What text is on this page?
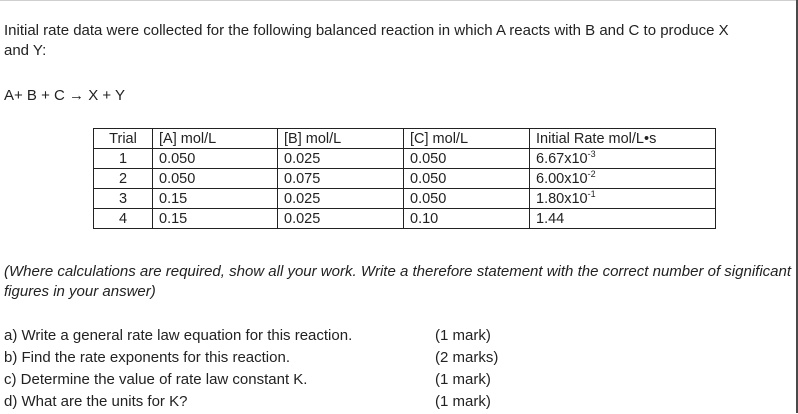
Initial rate data were collected for the following balanced reaction in which A reacts with B and C to produce X and Y:
A+ B + C → X + Y
Trial	[A] mol/L	[B] mol/L	[C] mol/L	Initial Rate mol/L•s
1	0.050	0.025	0.050	$6.67x10^{-3}$
2	0.050	0.075	0.050	$6.00x10^{-2}$
3	0.15	0.025	0.050	$1.80x10^{-1}$
4	0.15	0.025	0.10	1.44
(Where calculations are required, show all your work. Write a therefore statement with the correct number of significant figures in your answer)
a) Write a general rate law equation for this reaction.	(1 mark)
b) Find the rate exponents for this reaction.	(2 marks)
c) Determine the value of rate law constant K.	(1 mark)
d) What are the units for K?	(1 mark)
